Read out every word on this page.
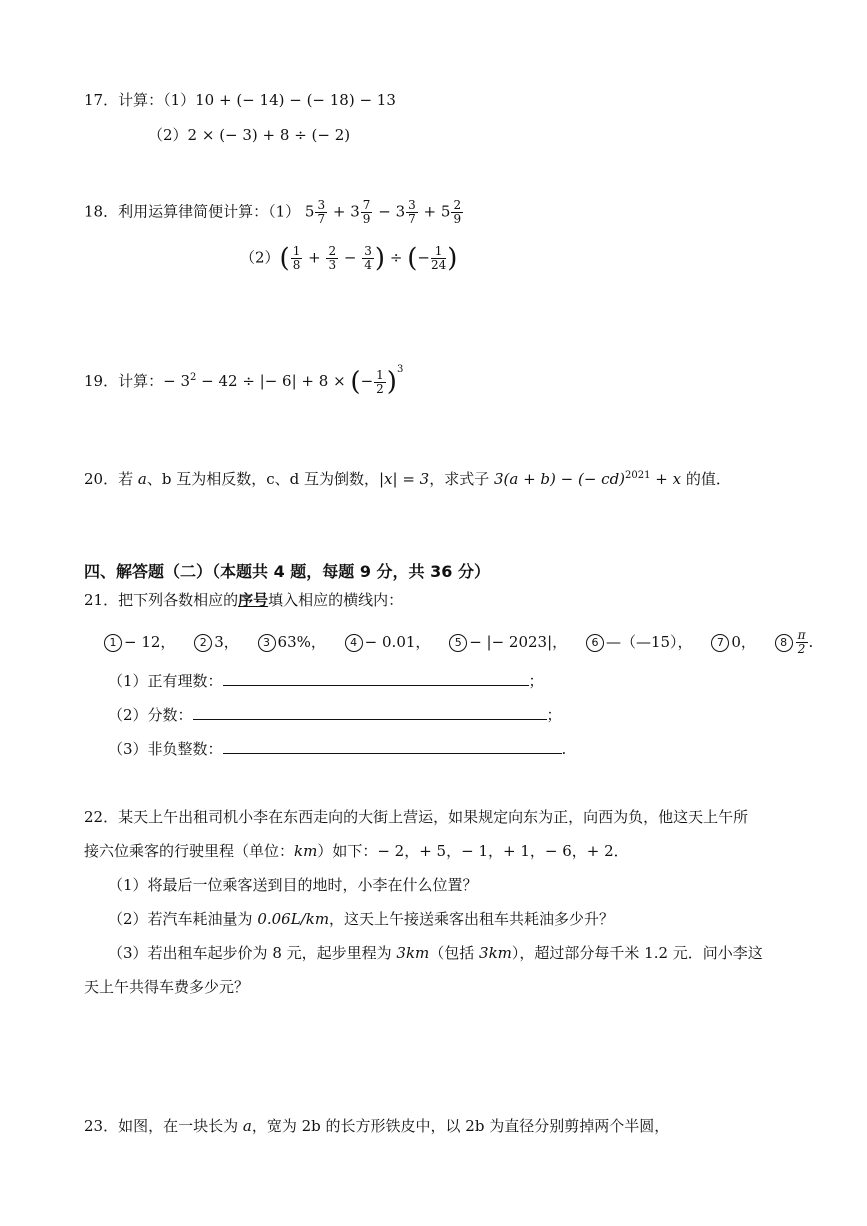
17．计算：（1）10 + (− 14) − (− 18) − 13
（2）2 × (− 3) + 8 ÷ (− 2)
18．利用运算律简便计算：（1） $5 \frac{3}{7} + 3 \frac{7}{9} - 3 \frac{3}{7} + 5 \frac{2}{9}$
$(2)( \frac{1}{8} + \frac{2}{3} - \frac{3}{4}$ ) ÷ (− $\frac{1}{24}$ )
19．计算：− $3^2 - 42$ ÷ |− 6| + 8 × (− $\frac{1}{2} )^3$
20．若 a、b 互为相反数，c、d 互为倒数，|x| = 3，求式子 3(a + b) − (− cd)$^{2021}$ + x 的值．
四、解答题（二）（本题共 4 题，每题 9 分，共 36 分）
21．把下列各数相应的序号填入相应的横线内：
1 − 12， 2 3， 3 63%， 4 − 0.01， 5 − |− 2023|， 6 —（—15）， 7 0， $8 \frac{\pi}{2}$ .
（1）正有理数：	；
（2）分数：	；
（3）非负整数：	.
22．某天上午出租司机小李在东西走向的大街上营运，如果规定向东为正，向西为负，他这天上午所
接六位乘客的行驶里程（单位：km）如下：− 2，+ 5，− 1，+ 1，− 6，+ 2．
（1）将最后一位乘客送到目的地时，小李在什么位置？
（2）若汽车耗油量为 0.06L/km，这天上午接送乘客出租车共耗油多少升？
（3）若出租车起步价为 8 元，起步里程为 3km（包括 3km），超过部分每千米 1.2 元．问小李这
天上午共得车费多少元？
23．如图，在一块长为 a，宽为 2b 的长方形铁皮中，以 2b 为直径分别剪掉两个半圆，
